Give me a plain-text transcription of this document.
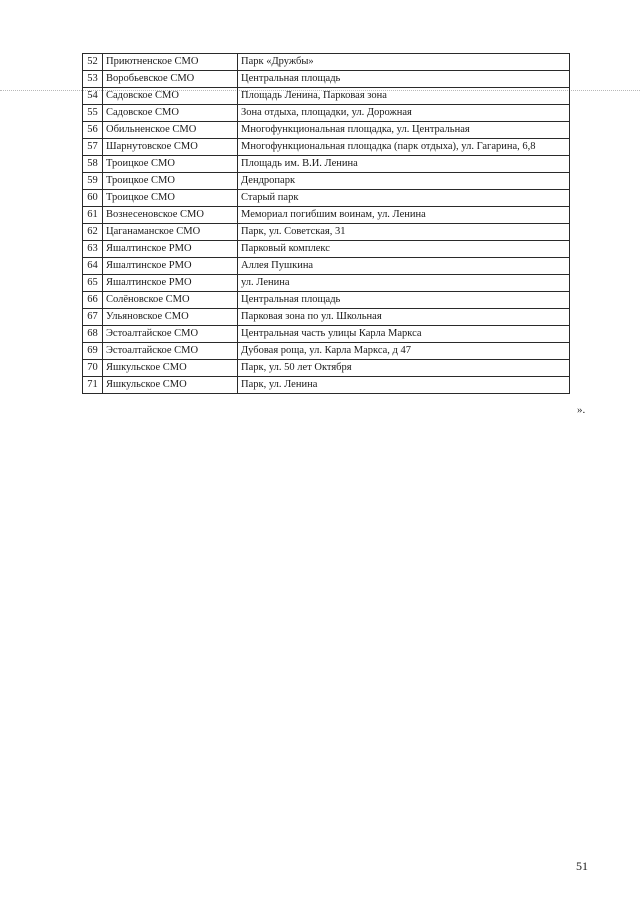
52	Приютненское СМО	Парк «Дружбы»
53	Воробьевское СМО	Центральная площадь
54	Садовское СМО	Площадь Ленина, Парковая зона
55	Садовское СМО	Зона отдыха, площадки, ул. Дорожная
56	Обильненское СМО	Многофункциональная площадка, ул. Центральная
57	Шарнутовское СМО	Многофункциональная площадка (парк отдыха), ул. Гагарина, 6,8
58	Троицкое СМО	Площадь им. В.И. Ленина
59	Троицкое СМО	Дендропарк
60	Троицкое СМО	Старый парк
61	Вознесеновское СМО	Мемориал погибшим воинам, ул. Ленина
62	Цаганаманское СМО	Парк, ул. Советская, 31
63	Яшалтинское РМО	Парковый комплекс
64	Яшалтинское РМО	Аллея Пушкина
65	Яшалтинское РМО	ул. Ленина
66	Солёновское СМО	Центральная площадь
67	Ульяновское СМО	Парковая зона по ул. Школьная
68	Эстоалтайское СМО	Центральная часть улицы Карла Маркса
69	Эстоалтайское СМО	Дубовая роща, ул. Карла Маркса, д 47
70	Яшкульское СМО	Парк, ул. 50 лет Октября
71	Яшкульское СМО	Парк, ул. Ленина
».
51
